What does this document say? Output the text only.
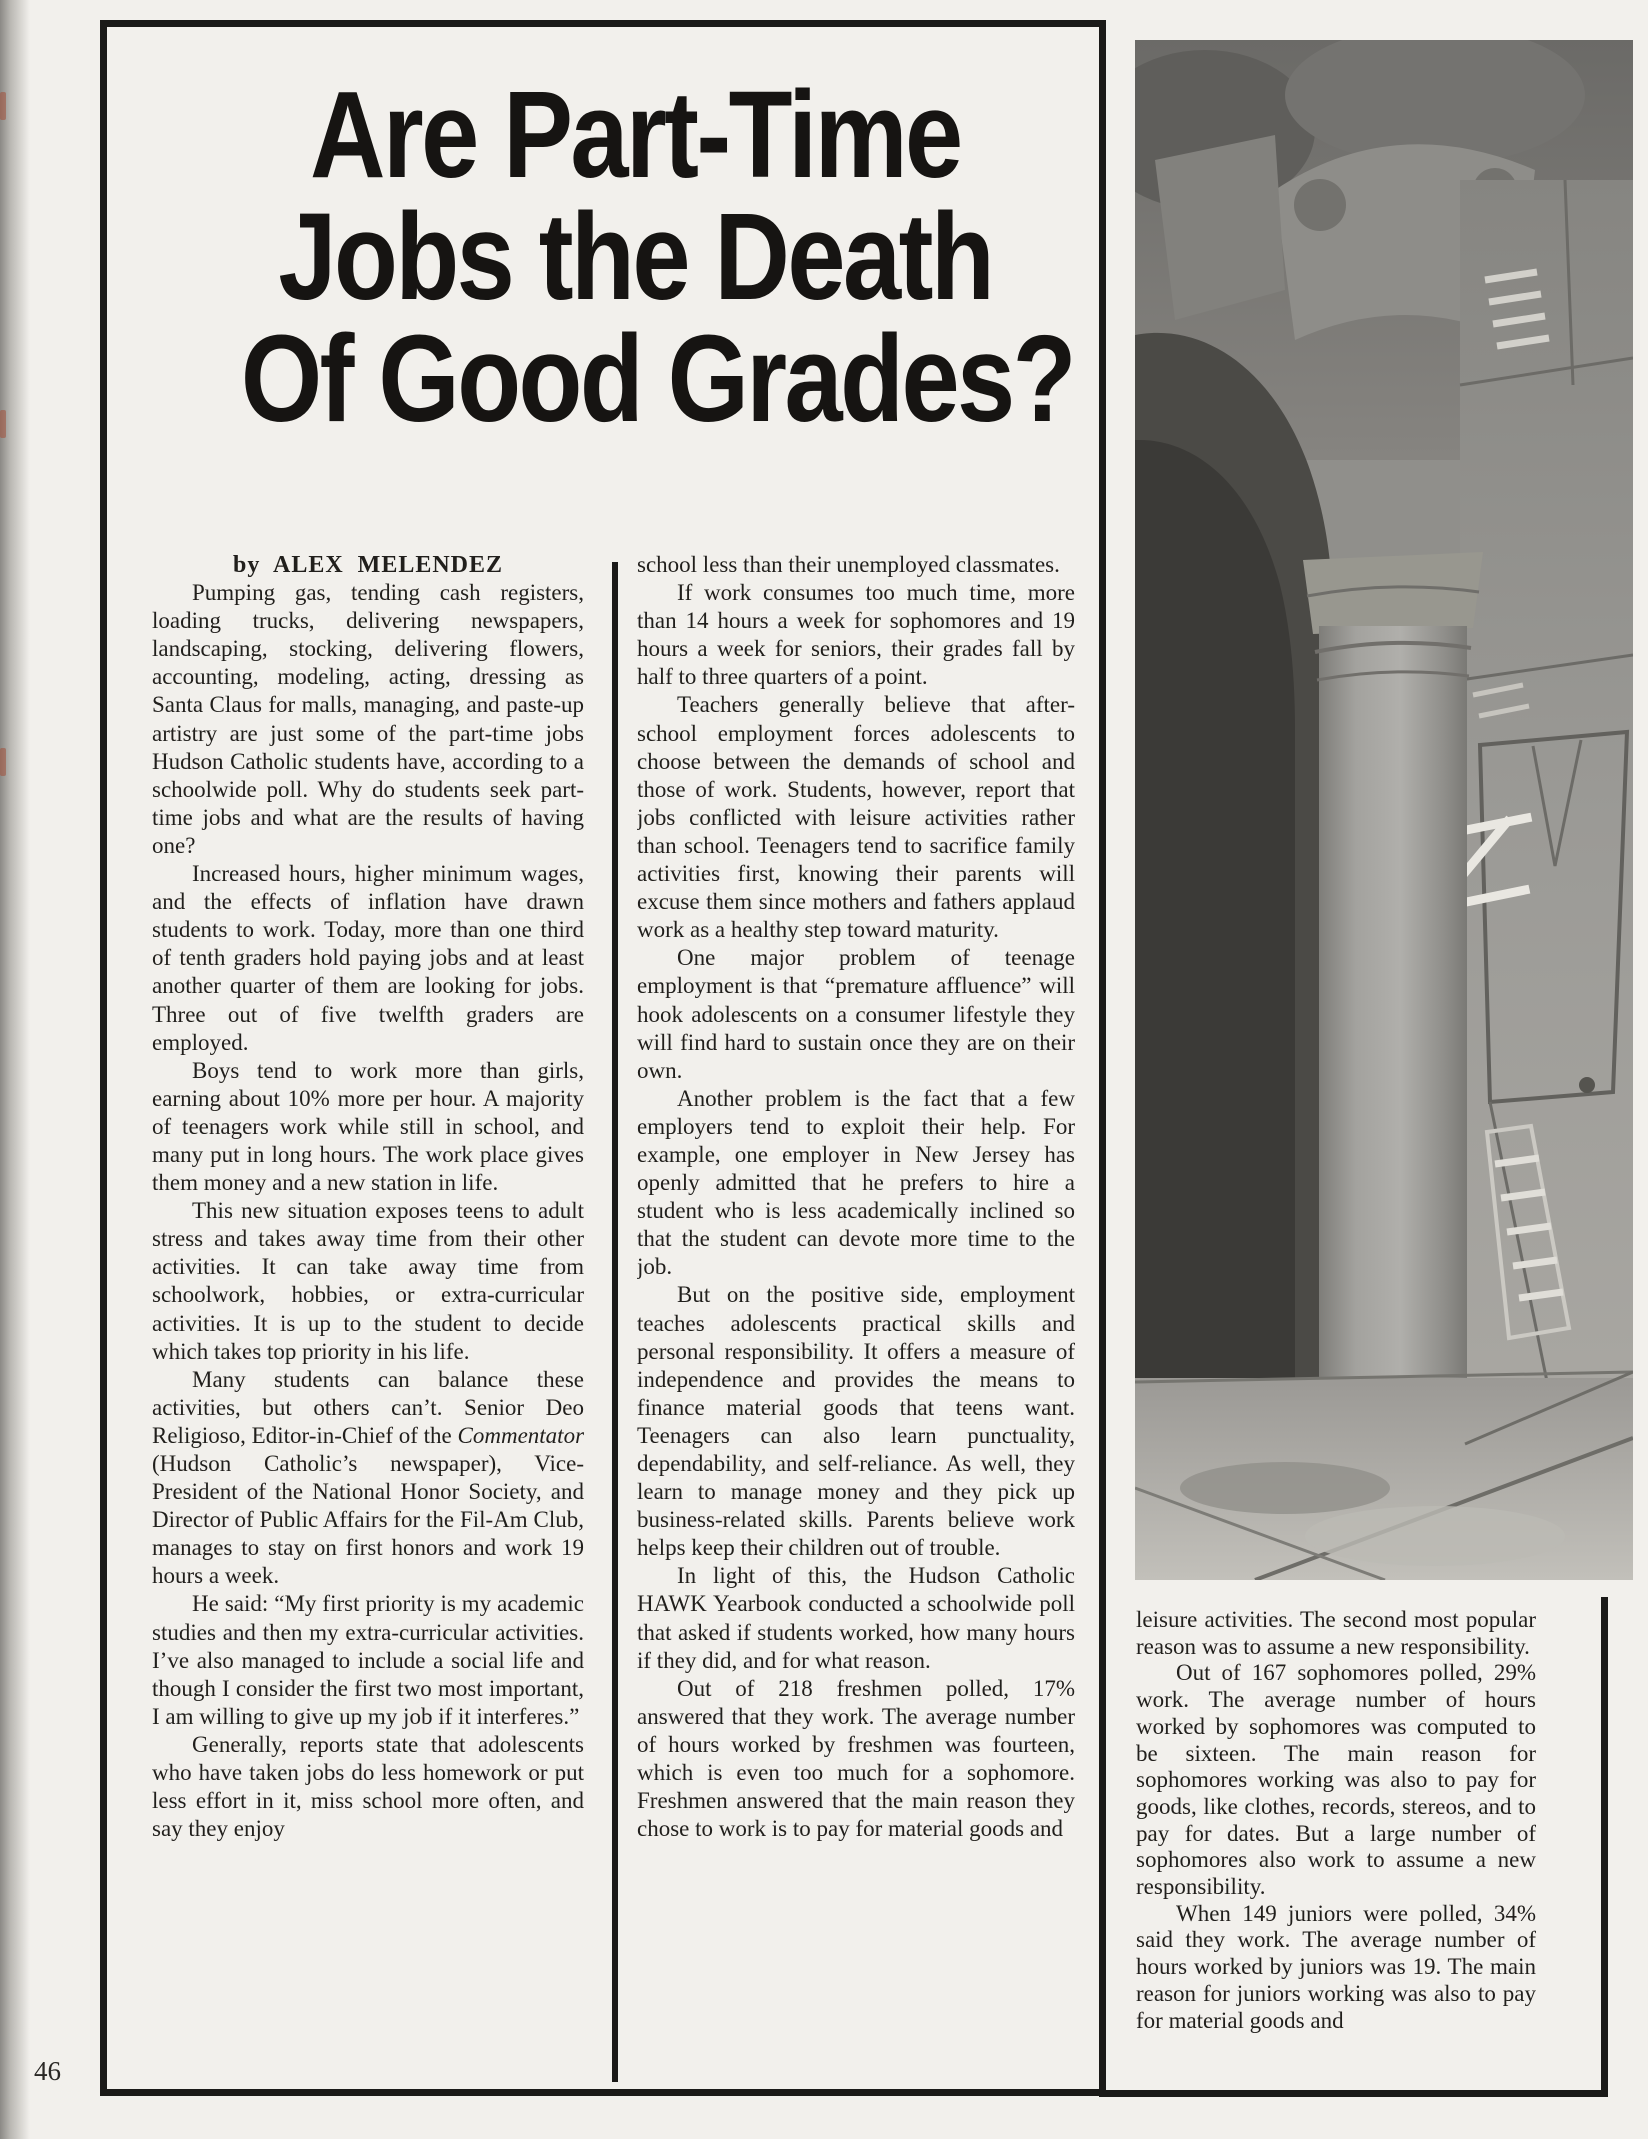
Are Part-Time
Jobs the Death
Of Good Grades?

by ALEX MELENDEZ

Pumping gas, tending cash registers, loading trucks, delivering newspapers, landscaping, stocking, delivering flowers, accounting, modeling, acting, dressing as Santa Claus for malls, managing, and paste-up artistry are just some of the part-time jobs Hudson Catholic students have, according to a schoolwide poll. Why do students seek part-time jobs and what are the results of having one?

Increased hours, higher minimum wages, and the effects of inflation have drawn students to work. Today, more than one third of tenth graders hold paying jobs and at least another quarter of them are looking for jobs. Three out of five twelfth graders are employed.

Boys tend to work more than girls, earning about 10% more per hour. A majority of teenagers work while still in school, and many put in long hours. The work place gives them money and a new station in life.

This new situation exposes teens to adult stress and takes away time from their other activities. It can take away time from schoolwork, hobbies, or extra-curricular activities. It is up to the student to decide which takes top priority in his life.

Many students can balance these activities, but others can’t. Senior Deo Religioso, Editor-in-Chief of the Commentator (Hudson Catholic’s newspaper), Vice-President of the National Honor Society, and Director of Public Affairs for the Fil-Am Club, manages to stay on first honors and work 19 hours a week.

He said: “My first priority is my academic studies and then my extra-curricular activities. I’ve also managed to include a social life and though I consider the first two most important, I am willing to give up my job if it interferes.”

Generally, reports state that adolescents who have taken jobs do less homework or put less effort in it, miss school more often, and say they enjoy

school less than their unemployed classmates.

If work consumes too much time, more than 14 hours a week for sophomores and 19 hours a week for seniors, their grades fall by half to three quarters of a point.

Teachers generally believe that after-school employment forces adolescents to choose between the demands of school and those of work. Students, however, report that jobs conflicted with leisure activities rather than school. Teenagers tend to sacrifice family activities first, knowing their parents will excuse them since mothers and fathers applaud work as a healthy step toward maturity.

One major problem of teenage employment is that “premature affluence” will hook adolescents on a consumer lifestyle they will find hard to sustain once they are on their own.

Another problem is the fact that a few employers tend to exploit their help. For example, one employer in New Jersey has openly admitted that he prefers to hire a student who is less academically inclined so that the student can devote more time to the job.

But on the positive side, employment teaches adolescents practical skills and personal responsibility. It offers a measure of independence and provides the means to finance material goods that teens want. Teenagers can also learn punctuality, dependability, and self-reliance. As well, they learn to manage money and they pick up business-related skills. Parents believe work helps keep their children out of trouble.

In light of this, the Hudson Catholic HAWK Yearbook conducted a schoolwide poll that asked if students worked, how many hours if they did, and for what reason.

Out of 218 freshmen polled, 17% answered that they work. The average number of hours worked by freshmen was fourteen, which is even too much for a sophomore. Freshmen answered that the main reason they chose to work is to pay for material goods and

leisure activities. The second most popular reason was to assume a new responsibility.

Out of 167 sophomores polled, 29% work. The average number of hours worked by sophomores was computed to be sixteen. The main reason for sophomores working was also to pay for goods, like clothes, records, stereos, and to pay for dates. But a large number of sophomores also work to assume a new responsibility.

When 149 juniors were polled, 34% said they work. The average number of hours worked by juniors was 19. The main reason for juniors working was also to pay for material goods and

46
